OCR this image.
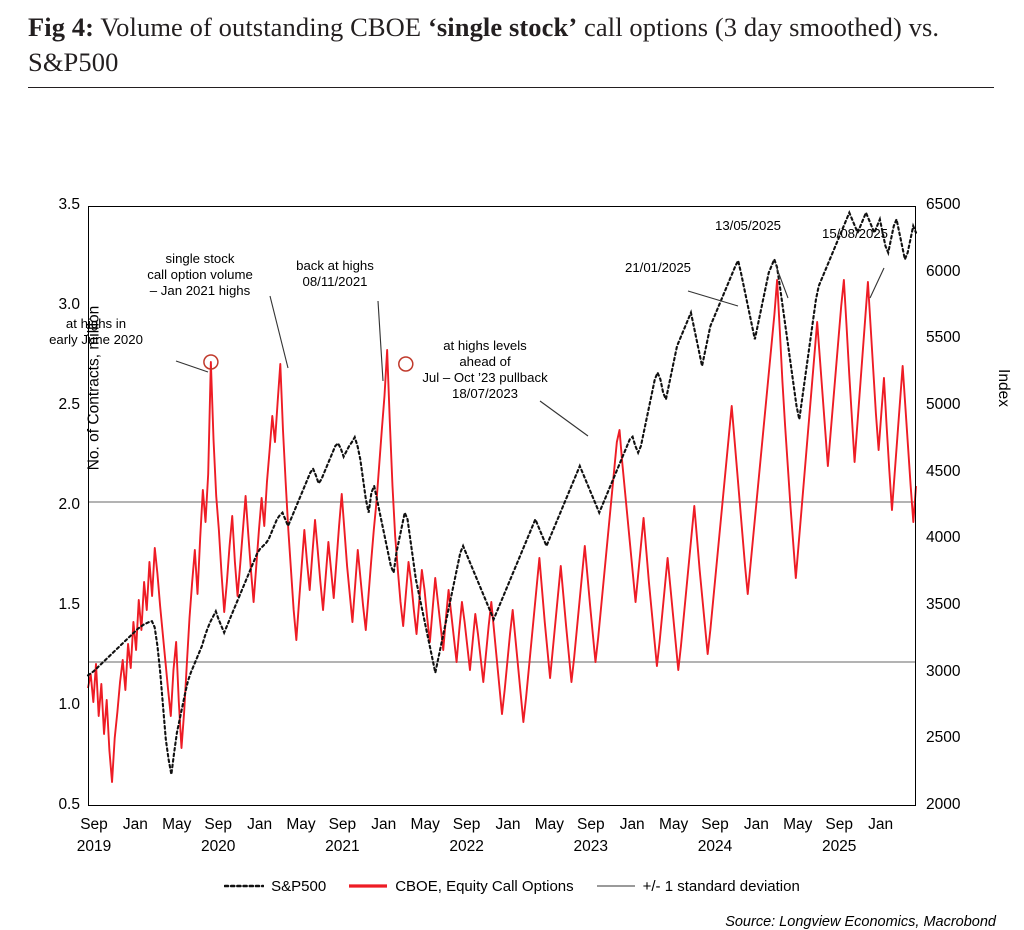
Fig 4: Volume of outstanding CBOE ‘single stock’ call options (3 day smoothed) vs. S&P500
No. of Contracts, million	Index
0.5
1.0
1.5
2.0
2.5
3.0
3.5
2000
2500
3000
3500
4000
4500
5000
5500
6000
6500
Sep Jan May Sep Jan May Sep Jan May Sep Jan May Sep Jan May Sep Jan May Sep Jan
2019	2020	2021	2022	2023	2024	2025
at highs in
early June 2020
single stock
call option volume
– Jan 2021 highs
back at highs
08/11/2021
at highs levels
ahead of
Jul – Oct ’23 pullback
18/07/2023
21/01/2025
13/05/2025
15/08/2025
S&P500	CBOE, Equity Call Options	+/- 1 standard deviation
Source: Longview Economics, Macrobond
